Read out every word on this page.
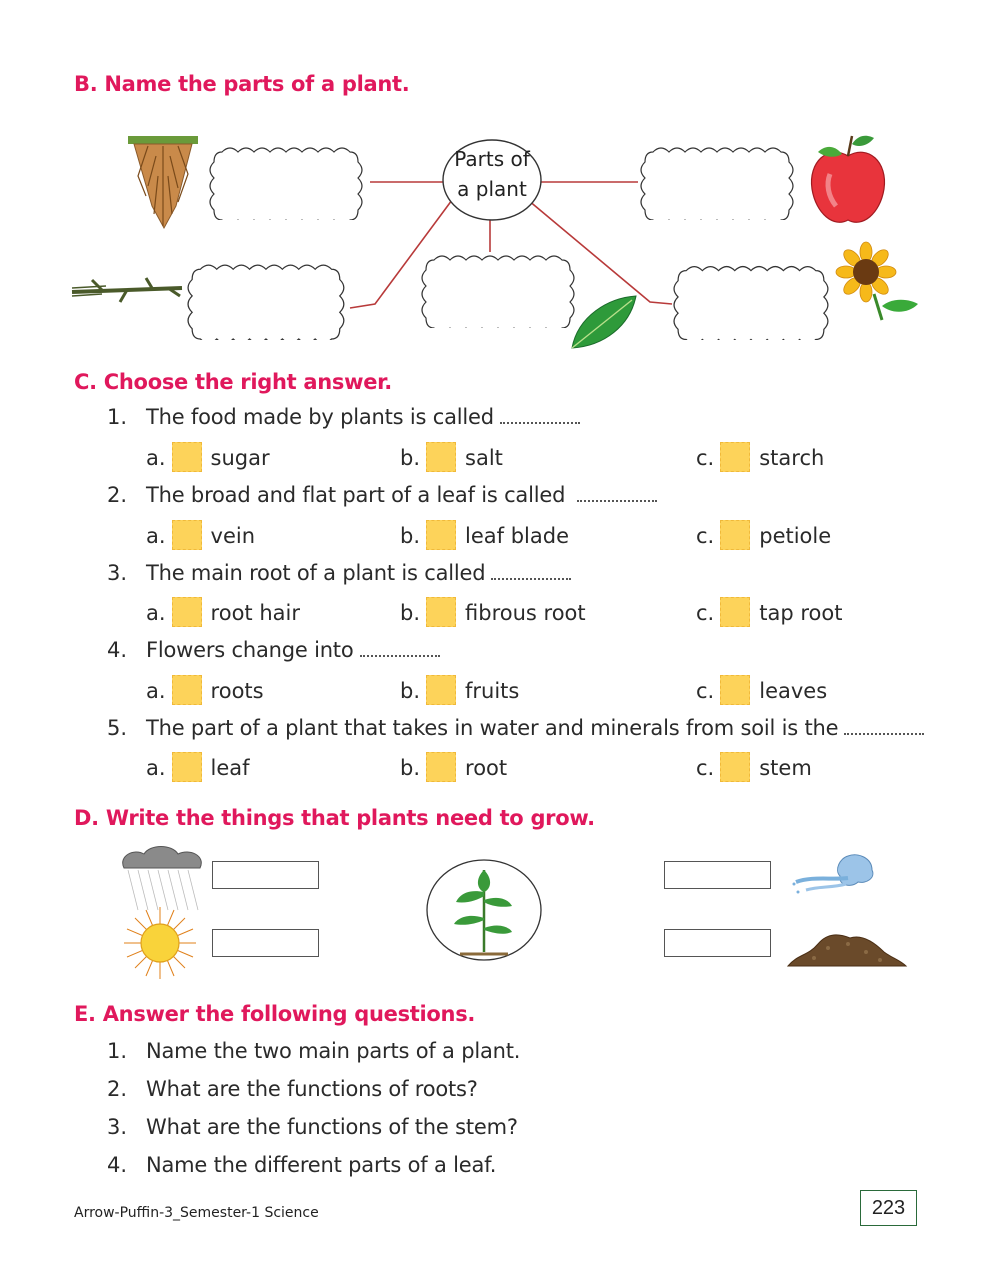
B. Name the parts of a plant.
Parts of
a plant
C. Choose the right answer.
1. The food made by plants is called
a. sugar	b. salt	c. starch
2. The broad and flat part of a leaf is called
a. vein	b. leaf blade	c. petiole
3. The main root of a plant is called
a. root hair	b. fibrous root	c. tap root
4. Flowers change into
a. roots	b. fruits	c. leaves
5. The part of a plant that takes in water and minerals from soil is the
a. leaf	b. root	c. stem
D. Write the things that plants need to grow.
E. Answer the following questions.
1. Name the two main parts of a plant.
2. What are the functions of roots?
3. What are the functions of the stem?
4. Name the different parts of a leaf.
Arrow-Puffin-3_Semester-1 Science	223
